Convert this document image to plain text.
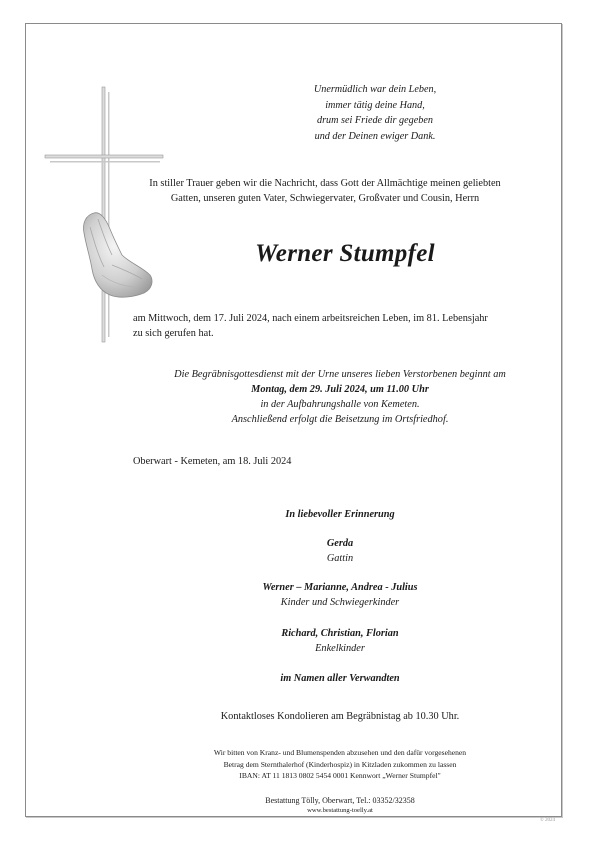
Unermüdlich war dein Leben,
immer tätig deine Hand,
drum sei Friede dir gegeben
und der Deinen ewiger Dank.
In stiller Trauer geben wir die Nachricht, dass Gott der Allmächtige meinen geliebten
Gatten, unseren guten Vater, Schwiegervater, Großvater und Cousin, Herrn
Werner Stumpfel
am Mittwoch, dem 17. Juli 2024, nach einem arbeitsreichen Leben, im 81. Lebensjahr
zu sich gerufen hat.
Die Begräbnisgottesdienst mit der Urne unseres lieben Verstorbenen beginnt am
Montag, dem 29. Juli 2024, um 11.00 Uhr
in der Aufbahrungshalle von Kemeten.
Anschließend erfolgt die Beisetzung im Ortsfriedhof.
Oberwart - Kemeten, am 18. Juli 2024
In liebevoller Erinnerung
Gerda
Gattin
Werner – Marianne, Andrea - Julius
Kinder und Schwiegerkinder
Richard, Christian, Florian
Enkelkinder
im Namen aller Verwandten
Kontaktloses Kondolieren am Begräbnistag ab 10.30 Uhr.
Wir bitten von Kranz- und Blumenspenden abzusehen und den dafür vorgesehenen
Betrag dem Sternthalerhof (Kinderhospiz) in Kitzladen zukommen zu lassen
IBAN: AT 11 1813 0802 5454 0001 Kennwort „Werner Stumpfel"
Bestattung Tölly, Oberwart, Tel.: 03352/32358
www.bestattung-toelly.at
© 2024
